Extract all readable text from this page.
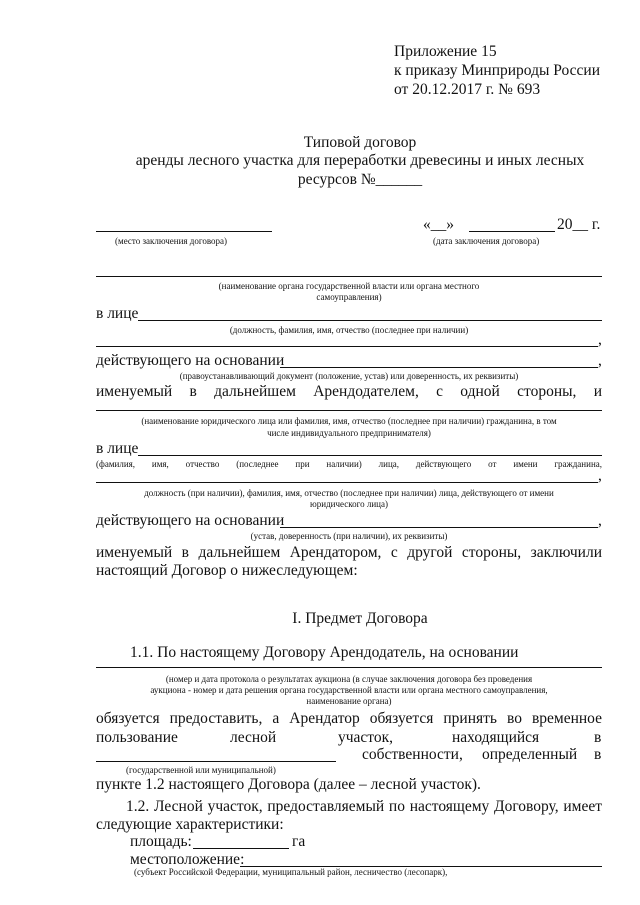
Приложение 15
к приказу Минприроды России
от 20.12.2017 г. № 693
Типовой договор
аренды лесного участка для переработки древесины и иных лесных
ресурсов №______
«__»	20__ г.
(место заключения договора)	(дата заключения договора)
(наименование органа государственной власти или органа местного
самоуправления)
в лице
(должность, фамилия, имя, отчество (последнее при наличии)
,
действующего на основании	,
(правоустанавливающий документ (положение, устав) или доверенность, их реквизиты)
именуемый в дальнейшем Арендодателем, с одной стороны, и
(наименование юридического лица или фамилия, имя, отчество (последнее при наличии) гражданина, в том
числе индивидуального предпринимателя)
в лице
(фамилия, имя, отчество (последнее при наличии) лица, действующего от имени гражданина,
,
должность (при наличии), фамилия, имя, отчество (последнее при наличии) лица, действующего от имени
юридического лица)
действующего на основании	,
(устав, доверенность (при наличии), их реквизиты)
именуемый в дальнейшем Арендатором, с другой стороны, заключили
настоящий Договор о нижеследующем:
I. Предмет Договора
1.1. По настоящему Договору Арендодатель, на основании
(номер и дата протокола о результатах аукциона (в случае заключения договора без проведения
аукциона - номер и дата решения органа государственной власти или органа местного самоуправления,
наименование органа)
обязуется предоставить, а Арендатор обязуется принять во временное
пользование	лесной	участок,	находящийся	в
собственности, определенный в
(государственной или муниципальной)
пункте 1.2 настоящего Договора (далее – лесной участок).
1.2. Лесной участок, предоставляемый по настоящему Договору, имеет
следующие характеристики:
площадь:	га
местоположение:
(субъект Российской Федерации, муниципальный район, лесничество (лесопарк),
